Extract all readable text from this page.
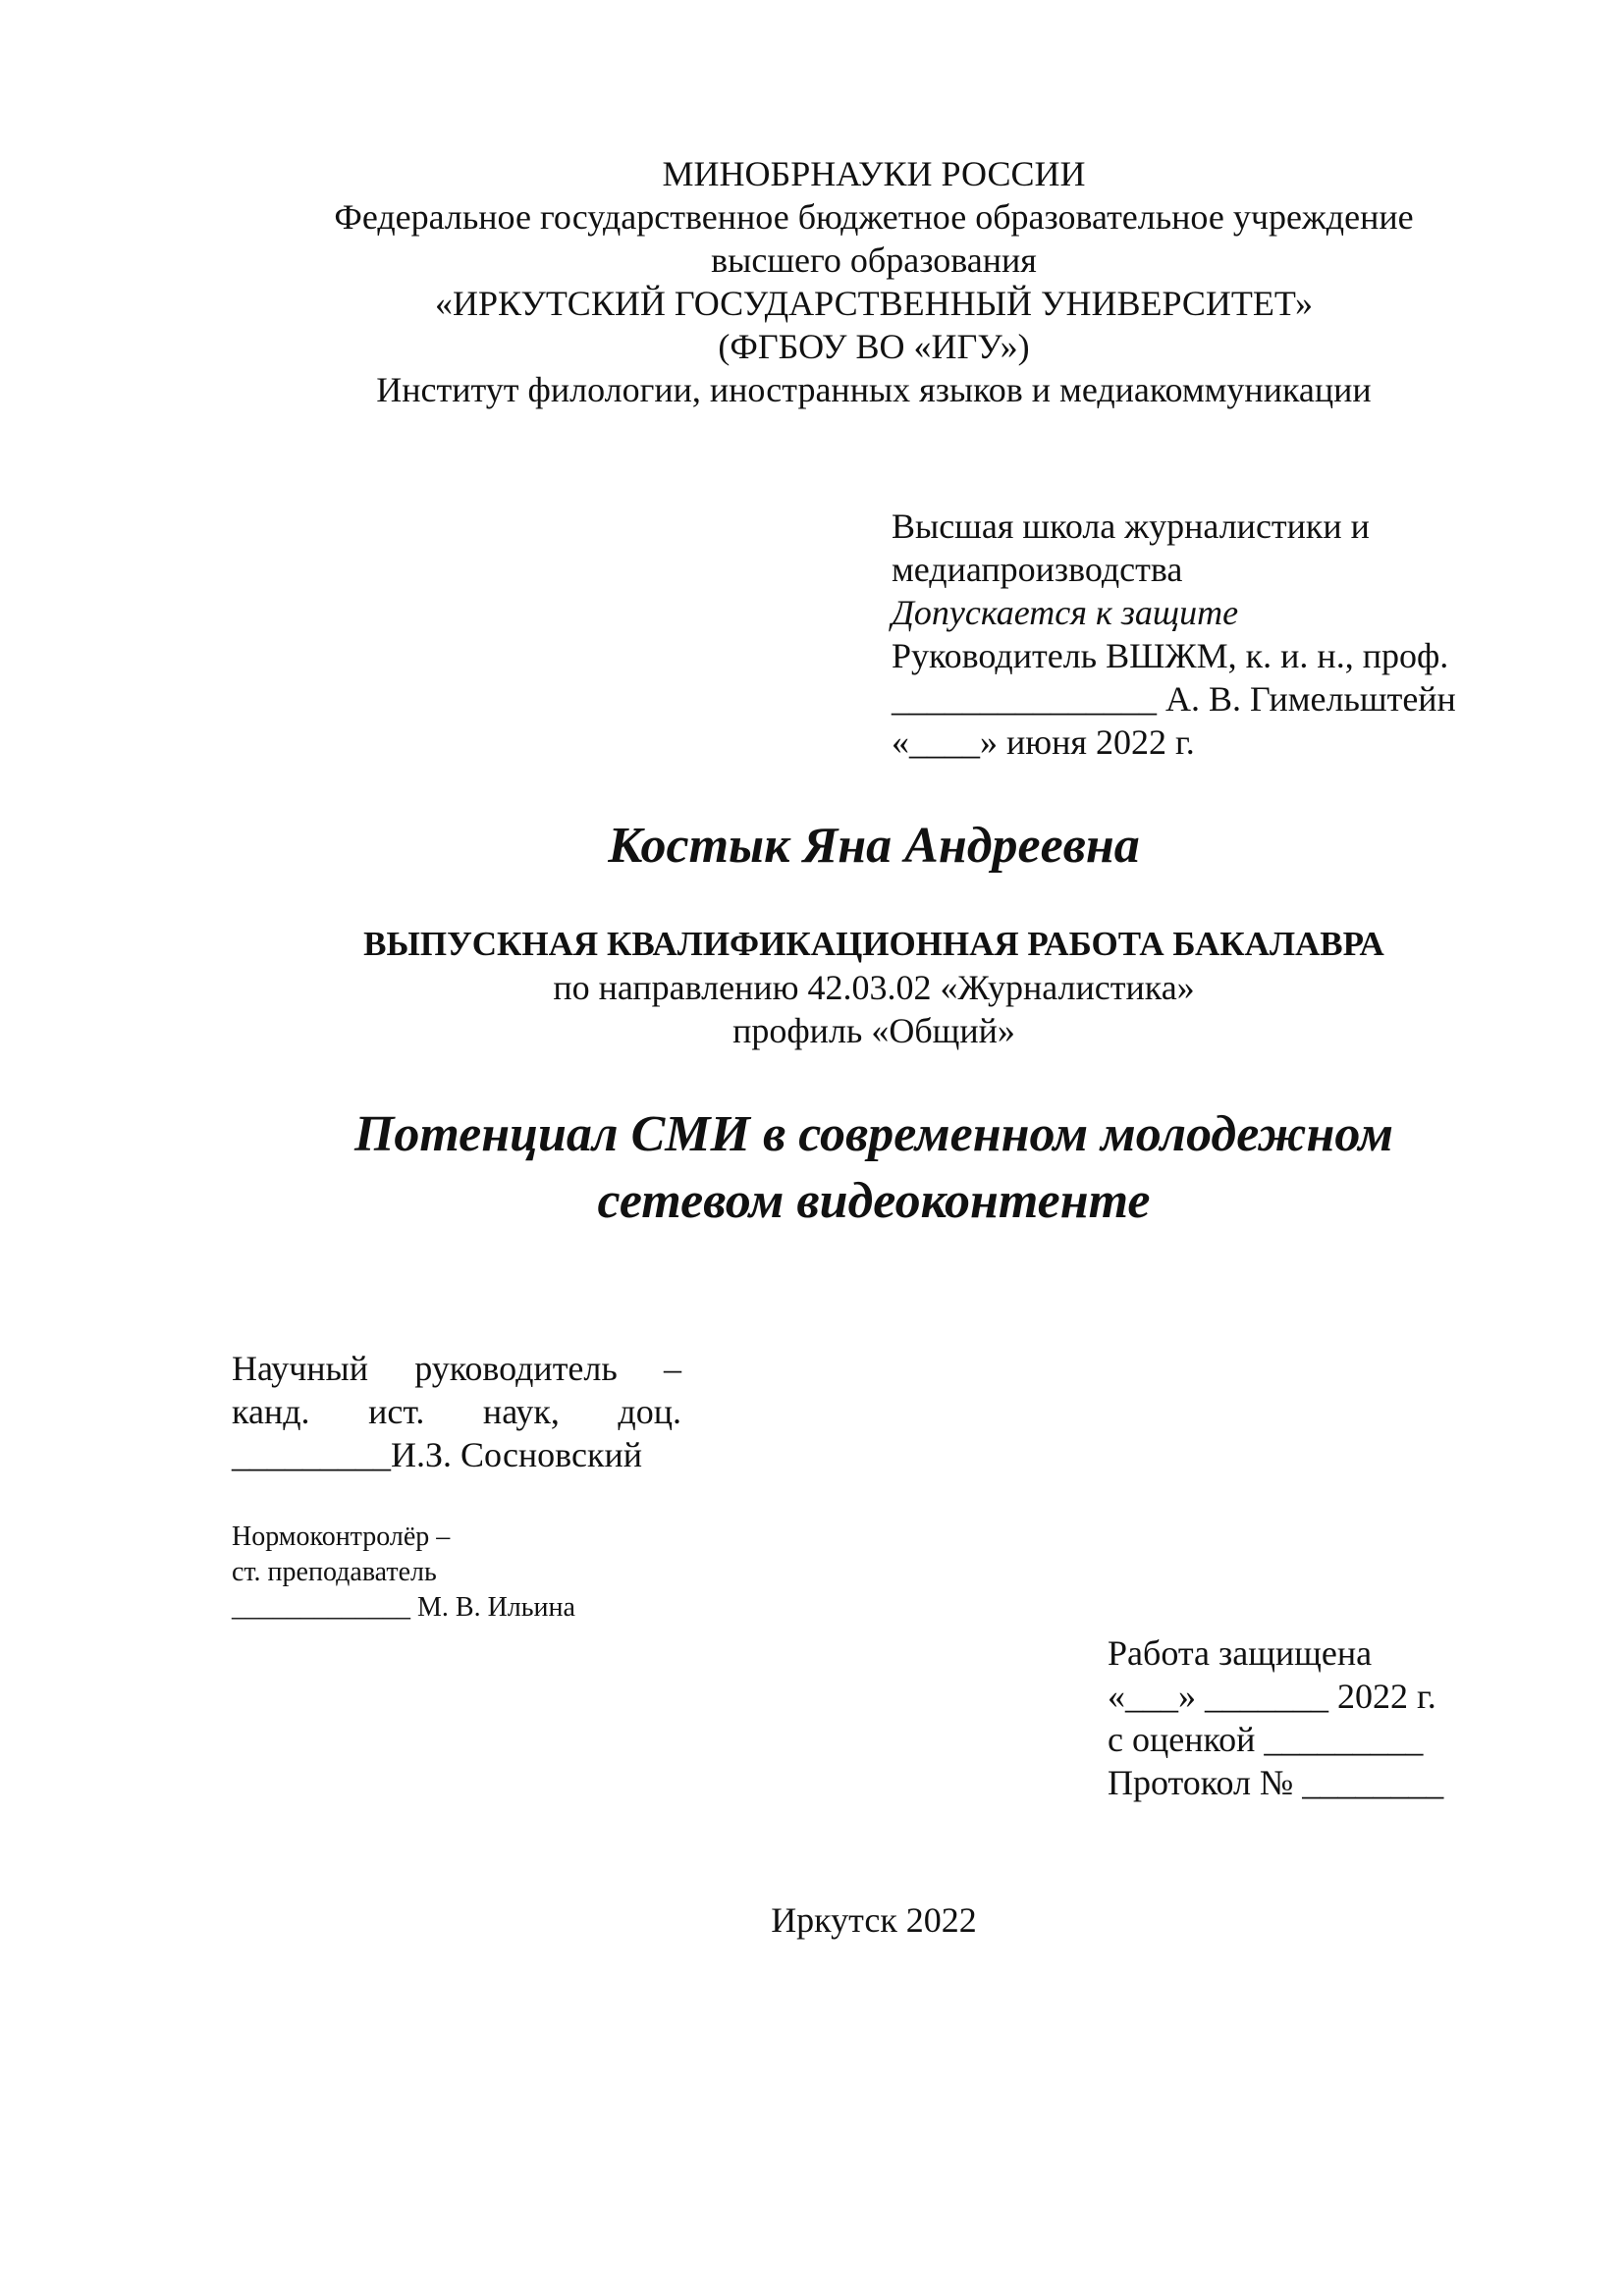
МИНОБРНАУКИ РОССИИ
Федеральное государственное бюджетное образовательное учреждение
высшего образования
«ИРКУТСКИЙ ГОСУДАРСТВЕННЫЙ УНИВЕРСИТЕТ»
(ФГБОУ ВО «ИГУ»)
Институт филологии, иностранных языков и медиакоммуникации
Высшая школа журналистики и
медиапроизводства
Допускается к защите
Руководитель ВШЖМ, к. и. н., проф.
_______________ А. В. Гимельштейн
«____» июня 2022 г.
Костык Яна Андреевна
ВЫПУСКНАЯ КВАЛИФИКАЦИОННАЯ РАБОТА БАКАЛАВРА
по направлению 42.03.02 «Журналистика»
профиль «Общий»
Потенциал СМИ в современном молодежном
сетевом видеоконтенте
Научный руководитель –
канд. ист. наук, доц.
_________И.З. Сосновский
Нормоконтролёр –
ст. преподаватель
_____________ М. В. Ильина
Работа защищена
«___» _______ 2022 г.
с оценкой _________
Протокол № ________
Иркутск 2022
